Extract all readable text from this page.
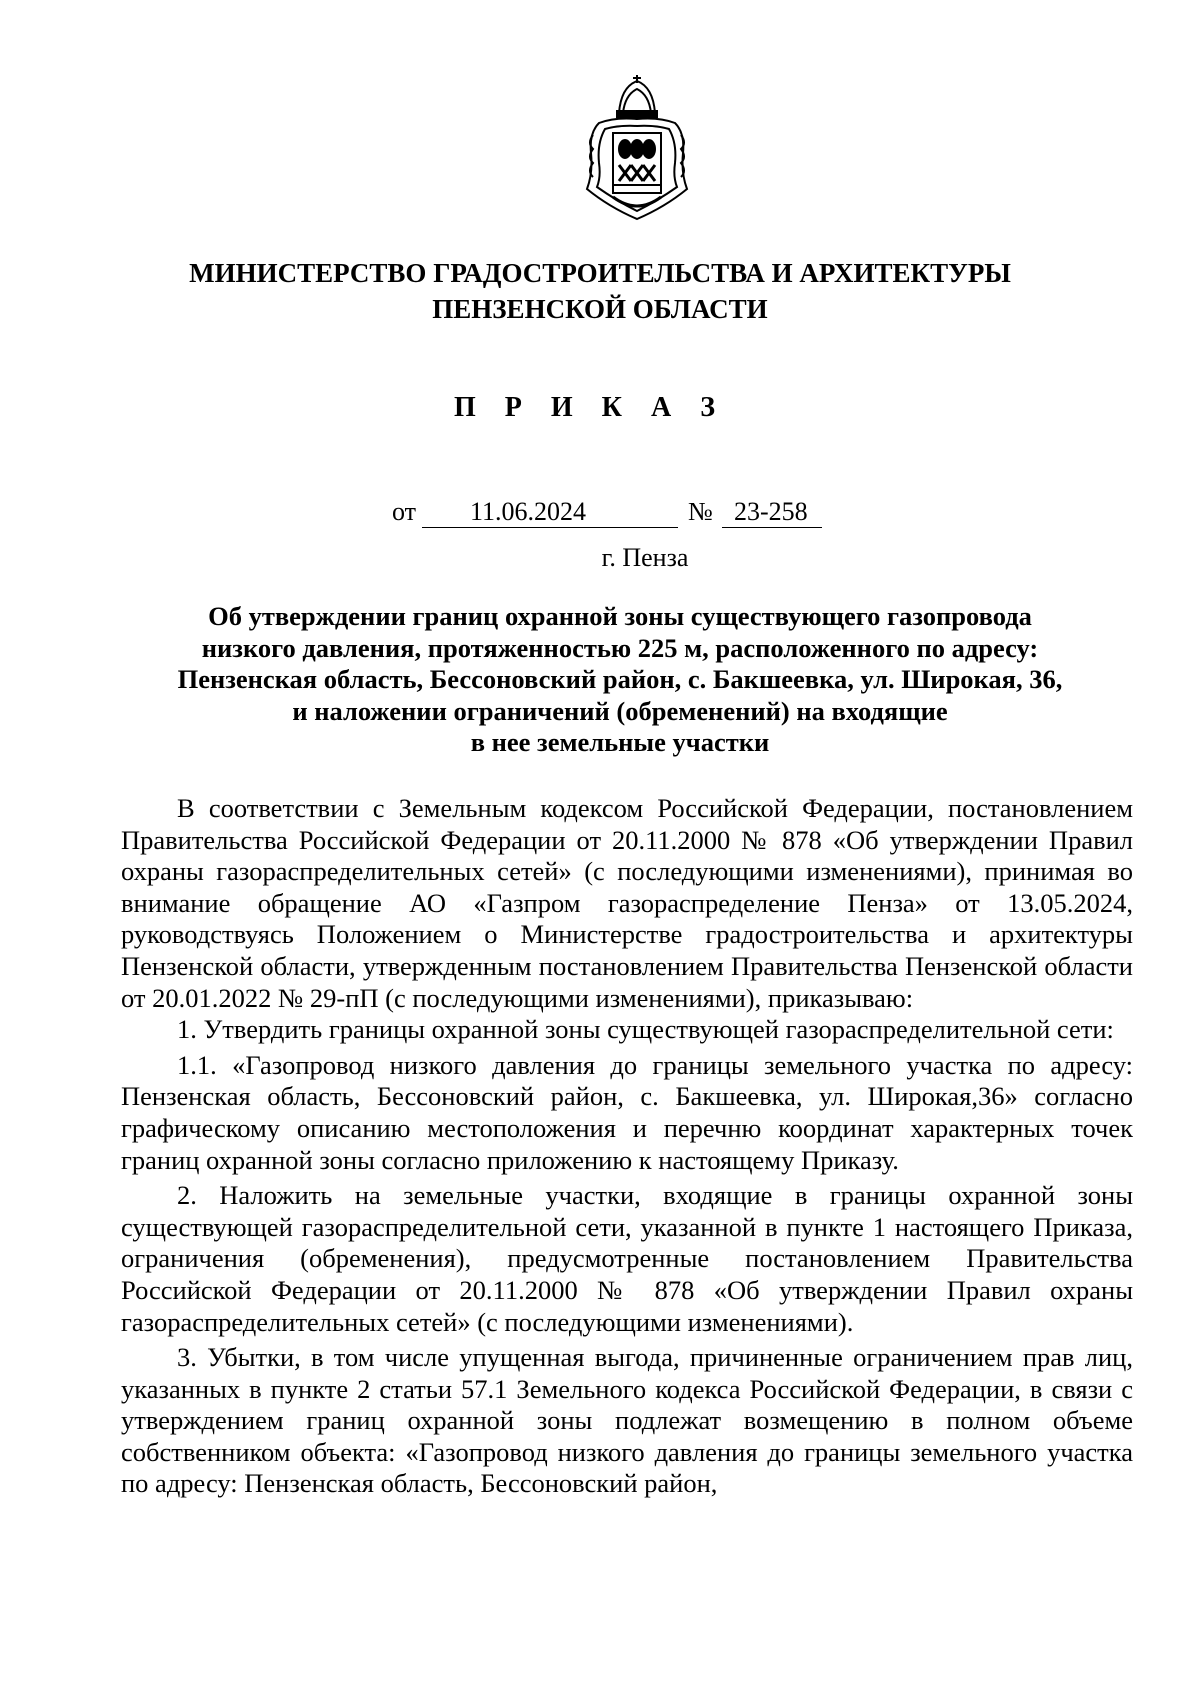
МИНИСТЕРСТВО ГРАДОСТРОИТЕЛЬСТВА И АРХИТЕКТУРЫ
ПЕНЗЕНСКОЙ ОБЛАСТИ
П Р И К А З
от 11.06.2024	№ 23-258
г. Пенза
Об утверждении границ охранной зоны существующего газопровода
низкого давления, протяженностью 225 м, расположенного по адресу:
Пензенская область, Бессоновский район, с. Бакшеевка, ул. Широкая, 36,
и наложении ограничений (обременений) на входящие
в нее земельные участки

В соответствии с Земельным кодексом Российской Федерации, постановлением Правительства Российской Федерации от 20.11.2000 № 878 «Об утверждении Правил охраны газораспределительных сетей» (с последующими изменениями), принимая во внимание обращение АО «Газпром газораспределение Пенза» от 13.05.2024, руководствуясь Положением о Министерстве градостроительства и архитектуры Пензенской области, утвержденным постановлением Правительства Пензенской области от 20.01.2022 № 29-пП (с последующими изменениями), приказываю:

1. Утвердить границы охранной зоны существующей газораспределительной сети:

1.1. «Газопровод низкого давления до границы земельного участка по адресу: Пензенская область, Бессоновский район, с. Бакшеевка, ул. Широкая,36» согласно графическому описанию местоположения и перечню координат характерных точек границ охранной зоны согласно приложению к настоящему Приказу.

2. Наложить на земельные участки, входящие в границы охранной зоны существующей газораспределительной сети, указанной в пункте 1 настоящего Приказа, ограничения (обременения), предусмотренные постановлением Правительства Российской Федерации от 20.11.2000 № 878 «Об утверждении Правил охраны газораспределительных сетей» (с последующими изменениями).

3. Убытки, в том числе упущенная выгода, причиненные ограничением прав лиц, указанных в пункте 2 статьи 57.1 Земельного кодекса Российской Федерации, в связи с утверждением границ охранной зоны подлежат возмещению в полном объеме собственником объекта: «Газопровод низкого давления до границы земельного участка по адресу: Пензенская область, Бессоновский район,
